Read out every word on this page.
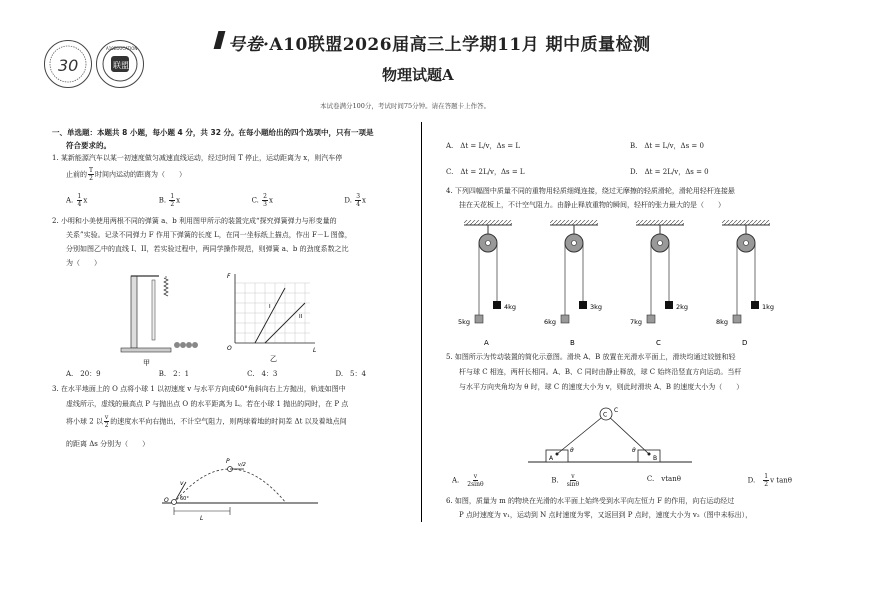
30	联盟
A10EDUCATION	号卷·A10联盟2026届高三上学期11月 期中质量检测
物理试题A
本试卷满分100分，考试时间75分钟。请在答题卡上作答。
一、单选题：本题共 8 小题，每小题 4 分，共 32 分。在每小题给出的四个选项中，只有一项是
符合要求的。
1. 某新能源汽车以某一初速度做匀减速直线运动，经过时间 T 停止，运动距离为 x，则汽车停
止前的 $\frac{T}{2}$ 时间内运动的距离为（　　）
A. $\frac{1}{4}$ x	B. $\frac{1}{2}$ x	C. $\frac{2}{3}$ x	D. $\frac{3}{4}$ x
2. 小明和小美使用两根不同的弹簧 a、b 利用图甲所示的装置完成“探究弹簧弹力与形变量的
关系”实验。记录不同弹力 F 作用下弹簧的长度 L，在同一坐标纸上描点，作出 F－L 图像，
分别如图乙中的直线 I、II，若实验过程中，两同学操作规范，则弹簧 a、b 的劲度系数之比
为（　　）
甲
F
L
O
I
II
乙
A.　20：9	B.　2：1	C.　4：3	D.　5：4
3. 在水平地面上的 O 点将小球 1 以初速度 v 与水平方向成60°角斜向右上方抛出，轨迹如图中
虚线所示，虚线的最高点 P 与抛出点 O 的水平距离为 L。若在小球 1 抛出的同时，在 P 点
将小球 2 以 $\frac{v}{2}$ 的速度水平向右抛出，不计空气阻力，则两球着地的时间差 Δt 以及着地点间
的距离 Δs 分别为（　　）
P
v
v/2
O 60°
L
A.　 Δt = L/v，Δs = L	B.　 Δt = L/v，Δs = 0
C.　 Δt = 2L/v，Δs = L	D.　 Δt = 2L/v，Δs = 0
4. 下列四幅图中质量不同的重物用轻质细绳连接，绕过无摩擦的轻质滑轮，滑轮用轻杆连接悬
挂在天花板上，不计空气阻力。由静止释放重物的瞬间，轻杆的张力最大的是（　　）
5kg
4kg
A
6kg
3kg
B
7kg
2kg
C
8kg
1kg
D
5. 如图所示为传动装置的简化示意图。滑块 A、B 放置在光滑水平面上，滑块均通过铰链和轻
杆与球 C 相连，两杆长相同。A、B、C 同时由静止释放，球 C 始终沿竖直方向运动。当杆
与水平方向夹角均为 θ 时，球 C 的速度大小为 v，则此时滑块 A、B 的速度大小为（　　）
C
C
A	B
θ	θ
A.　 $\frac{v}{2\sin\theta}$	B.　 $\frac{v}{\sin\theta}$	C.　 vtanθ	D.　 $\frac{1}{2}$ v tanθ
6. 如图，质量为 m 的物块在光滑的水平面上始终受到水平向左恒力 F 的作用，向右运动经过
P 点时速度为 v₁，运动到 N 点时速度为零，又返回到 P 点时，速度大小为 v₂（图中未标出），
